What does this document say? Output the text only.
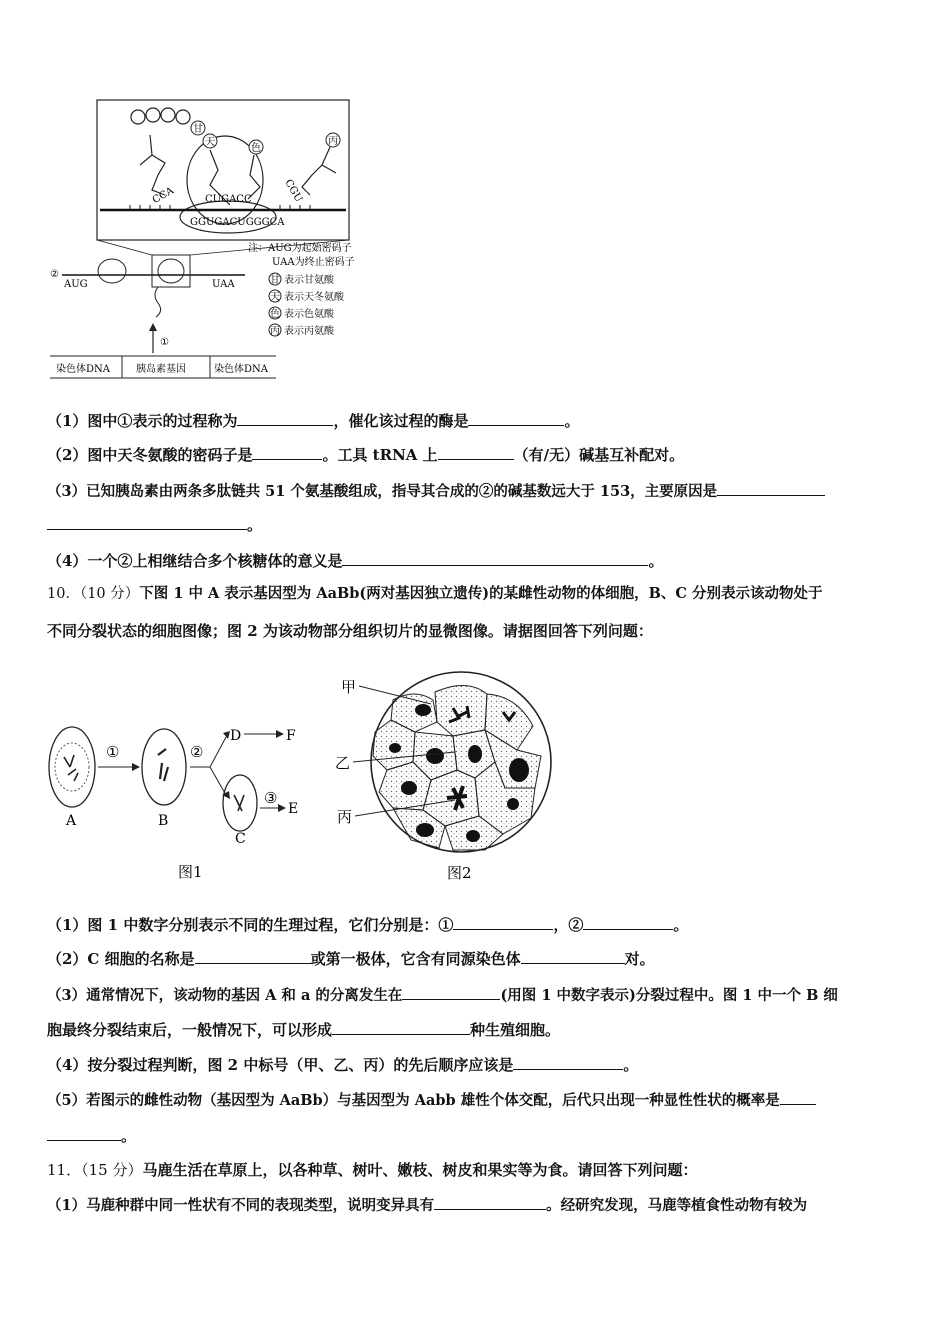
甘
天
色
丙
CCA	CUGACC	CGU
GGUGACUGGGCA
②
AUG	UAA
①
染色体DNA	胰岛素基因	染色体DNA
注：AUG为起始密码子
UAA为终止密码子
甘 表示甘氨酸
天 表示天冬氨酸
色 表示色氨酸
丙 表示丙氨酸
（1）图中①表示的过程称为	，催化该过程的酶是	。
（2）图中天冬氨酸的密码子是	。工具 tRNA 上	（有/无）碱基互补配对。
（3）已知胰岛素由两条多肽链共 51 个氨基酸组成，指导其合成的②的碱基数远大于 153，主要原因是
。
（4）一个②上相继结合多个核糖体的意义是	。
10．（10 分）下图 1 中 A 表示基因型为 AaBb(两对基因独立遗传)的某雌性动物的体细胞，B、C 分别表示该动物处于
不同分裂状态的细胞图像；图 2 为该动物部分组织切片的显微图像。请据图回答下列问题：
A
①
B
②
D	F
③
E
C
图1
甲
乙
丙
图2
（1）图 1 中数字分别表示不同的生理过程，它们分别是：①	，②	。
（2）C 细胞的名称是	或第一极体，它含有同源染色体	对。
（3）通常情况下，该动物的基因 A 和 a 的分离发生在	(用图 1 中数字表示)分裂过程中。图 1 中一个 B 细
胞最终分裂结束后，一般情况下，可以形成	种生殖细胞。
（4）按分裂过程判断，图 2 中标号（甲、乙、丙）的先后顺序应该是	。
（5）若图示的雌性动物（基因型为 AaBb）与基因型为 Aabb 雄性个体交配，后代只出现一种显性性状的概率是
。
11．（15 分）马鹿生活在草原上，以各种草、树叶、嫩枝、树皮和果实等为食。请回答下列问题：
（1）马鹿种群中同一性状有不同的表现类型，说明变异具有	。经研究发现，马鹿等植食性动物有较为
